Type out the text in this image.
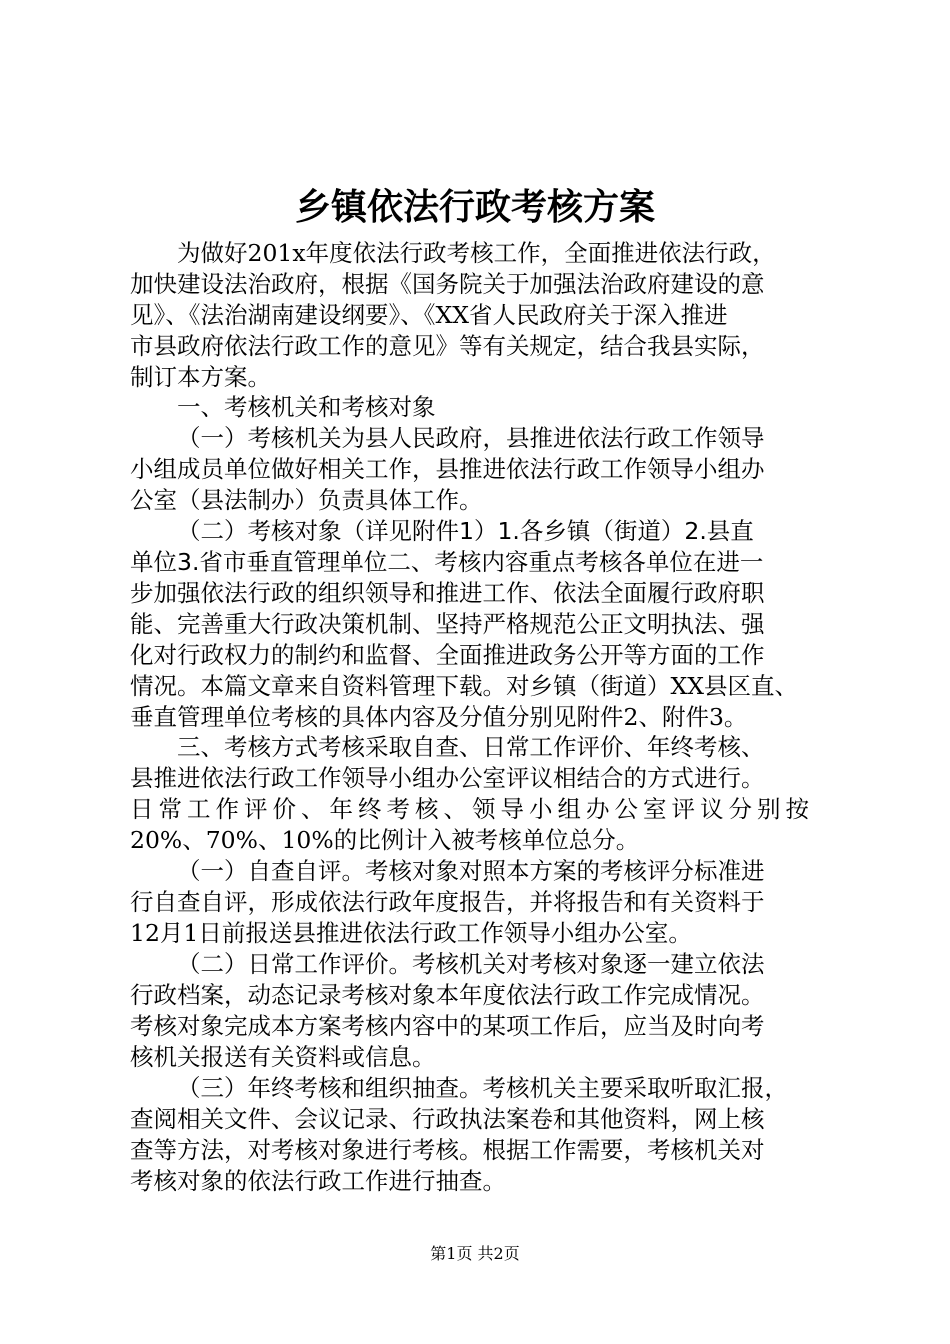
乡镇依法行政考核方案
  为做好201x年度依法行政考核工作，全面推进依法行政，
加快建设法治政府，根据《国务院关于加强法治政府建设的意
见》、《法治湖南建设纲要》、《XX省人民政府关于深入推进
市县政府依法行政工作的意见》等有关规定，结合我县实际，
制订本方案。
  一、考核机关和考核对象
  （一）考核机关为县人民政府，县推进依法行政工作领导
小组成员单位做好相关工作，县推进依法行政工作领导小组办
公室（县法制办）负责具体工作。
  （二）考核对象（详见附件1）1.各乡镇（街道）2.县直
单位3.省市垂直管理单位二、考核内容重点考核各单位在进一
步加强依法行政的组织领导和推进工作、依法全面履行政府职
能、完善重大行政决策机制、坚持严格规范公正文明执法、强
化对行政权力的制约和监督、全面推进政务公开等方面的工作
情况。本篇文章来自资料管理下载。对乡镇（街道）XX县区直、
垂直管理单位考核的具体内容及分值分别见附件2、附件3。
  三、考核方式考核采取自查、日常工作评价、年终考核、
县推进依法行政工作领导小组办公室评议相结合的方式进行。
日常工作评价、年终考核、领导小组办公室评议分别按
20%、70%、10%的比例计入被考核单位总分。
  （一）自查自评。考核对象对照本方案的考核评分标准进
行自查自评，形成依法行政年度报告，并将报告和有关资料于
12月1日前报送县推进依法行政工作领导小组办公室。
  （二）日常工作评价。考核机关对考核对象逐一建立依法
行政档案，动态记录考核对象本年度依法行政工作完成情况。
考核对象完成本方案考核内容中的某项工作后，应当及时向考
核机关报送有关资料或信息。
  （三）年终考核和组织抽查。考核机关主要采取听取汇报，
查阅相关文件、会议记录、行政执法案卷和其他资料，网上核
查等方法，对考核对象进行考核。根据工作需要，考核机关对
考核对象的依法行政工作进行抽查。
第1页 共2页
